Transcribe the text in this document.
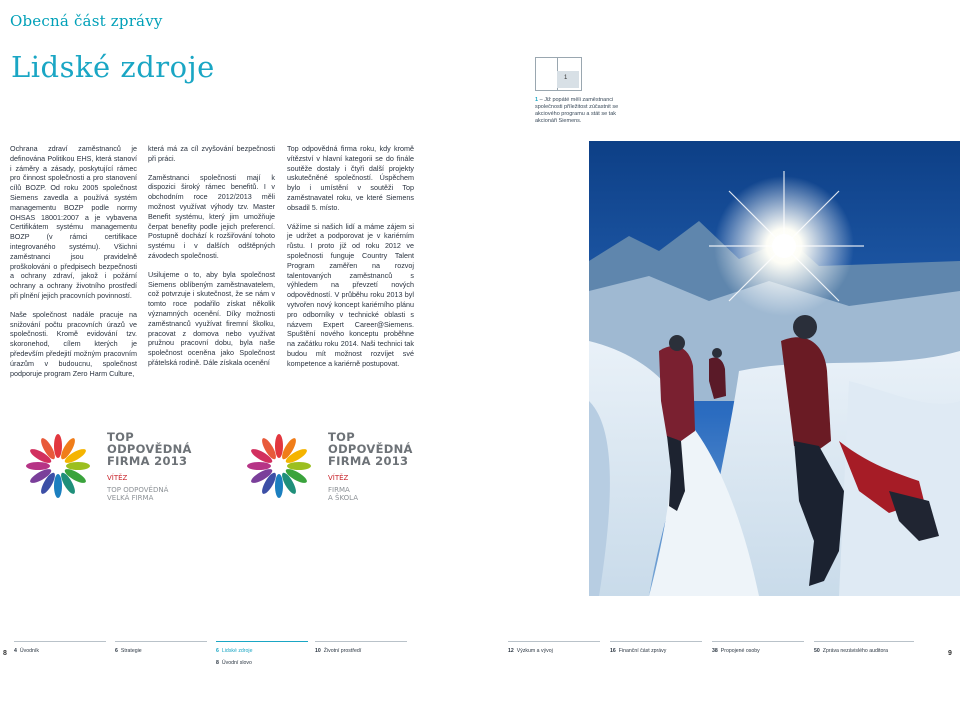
Obecná část zprávy
Lidské zdroje	1
1 – Již popáté měli zaměstnanci společnosti příležitost zúčastnit se akciového programu a stát se tak akcionáři Siemens.

Ochrana zdraví zaměstnanců je definována Politikou EHS, která stanoví i záměry a zásady, poskytující rámec pro činnost společnosti a pro stanovení cílů BOZP. Od roku 2005 společnost Siemens zavedla a používá systém managementu BOZP podle normy OHSAS 18001:2007 a je vybavena Certifikátem systému managementu BOZP (v rámci certifikace integrovaného systému). Všichni zaměstnanci jsou pravidelně proškolováni o předpisech bezpečnosti a ochrany zdraví, jakož i požární ochrany a ochrany životního prostředí při plnění jejich pracovních povinností.

Naše společnost nadále pracuje na snižování počtu pracovních úrazů ve společnosti. Kromě evidování tzv. skoronehod, cílem kterých je především předejití možným pracovním úrazům v budoucnu, společnost podporuje program Zero Harm Culture,

která má za cíl zvyšování bezpečnosti při práci.

Zaměstnanci společnosti mají k dispozici široký rámec benefitů. I v obchodním roce 2012/2013 měli možnost využívat výhody tzv. Master Benefit systému, který jim umožňuje čerpat benefity podle jejich preferencí. Postupně dochází k rozšiřování tohoto systému i v dalších odštěpných závodech společnosti.

Usilujeme o to, aby byla společnost Siemens oblíbeným zaměstnavatelem, což potvrzuje i skutečnost, že se nám v tomto roce podařilo získat několik významných ocenění. Díky možnosti zaměstnanců využívat firemní školku, pracovat z domova nebo využívat pružnou pracovní dobu, byla naše společnost oceněna jako Společnost přátelská rodině. Dále získala ocenění

Top odpovědná firma roku, kdy kromě vítězství v hlavní kategorii se do finále soutěže dostaly i čtyři další projekty uskutečněné společností. Úspěchem bylo i umístění v soutěži Top zaměstnavatel roku, ve které Siemens obsadil 5. místo.

Vážíme si našich lidí a máme zájem si je udržet a podporovat je v kariérním růstu. I proto již od roku 2012 ve společnosti funguje Country Talent Program zaměřen na rozvoj talentovaných zaměstnanců s výhledem na převzetí nových odpovědností. V průběhu roku 2013 byl vytvořen nový koncept kariérního plánu pro odborníky v technické oblasti s názvem Expert Career@Siemens. Spuštění nového konceptu proběhne na začátku roku 2014. Naši technici tak budou mít možnost rozvíjet své kompetence a kariérně postupovat.

TOP
ODPOVĚDNÁ
FIRMA 2013
VÍTĚZ
TOP ODPOVĚDNÁ
VELKÁ FIRMA
TOP
ODPOVĚDNÁ
FIRMA 2013
VÍTĚZ
FIRMA
A ŠKOLA
8	9
4 Úvodník	6 Strategie	6 Lidské zdroje	10 Životní prostředí
8 Úvodní slovo
12 Výzkum a vývoj	16 Finanční část zprávy	38 Propojené osoby	50 Zpráva nezávislého auditora
